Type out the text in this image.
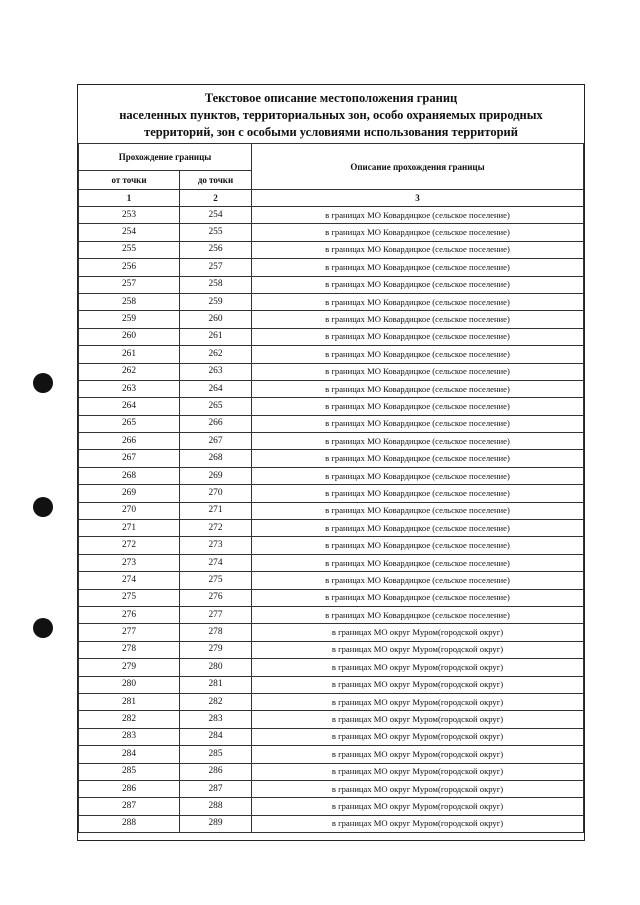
Текстовое описание местоположения границ
населенных пунктов, территориальных зон, особо охраняемых природных
территорий, зон с особыми условиями использования территорий		

Прохождение границы		Описание прохождения границы
от точки	до точки	
1	2	3
253	254	в границах МО Ковардицкое (сельское поселение)
254	255	в границах МО Ковардицкое (сельское поселение)
255	256	в границах МО Ковардицкое (сельское поселение)
256	257	в границах МО Ковардицкое (сельское поселение)
257	258	в границах МО Ковардицкое (сельское поселение)
258	259	в границах МО Ковардицкое (сельское поселение)
259	260	в границах МО Ковардицкое (сельское поселение)
260	261	в границах МО Ковардицкое (сельское поселение)
261	262	в границах МО Ковардицкое (сельское поселение)
262	263	в границах МО Ковардицкое (сельское поселение)
263	264	в границах МО Ковардицкое (сельское поселение)
264	265	в границах МО Ковардицкое (сельское поселение)
265	266	в границах МО Ковардицкое (сельское поселение)
266	267	в границах МО Ковардицкое (сельское поселение)
267	268	в границах МО Ковардицкое (сельское поселение)
268	269	в границах МО Ковардицкое (сельское поселение)
269	270	в границах МО Ковардицкое (сельское поселение)
270	271	в границах МО Ковардицкое (сельское поселение)
271	272	в границах МО Ковардицкое (сельское поселение)
272	273	в границах МО Ковардицкое (сельское поселение)
273	274	в границах МО Ковардицкое (сельское поселение)
274	275	в границах МО Ковардицкое (сельское поселение)
275	276	в границах МО Ковардицкое (сельское поселение)
276	277	в границах МО Ковардицкое (сельское поселение)
277	278	в границах МО округ Муром(городской округ)
278	279	в границах МО округ Муром(городской округ)
279	280	в границах МО округ Муром(городской округ)
280	281	в границах МО округ Муром(городской округ)
281	282	в границах МО округ Муром(городской округ)
282	283	в границах МО округ Муром(городской округ)
283	284	в границах МО округ Муром(городской округ)
284	285	в границах МО округ Муром(городской округ)
285	286	в границах МО округ Муром(городской округ)
286	287	в границах МО округ Муром(городской округ)
287	288	в границах МО округ Муром(городской округ)
288	289	в границах МО округ Муром(городской округ)
